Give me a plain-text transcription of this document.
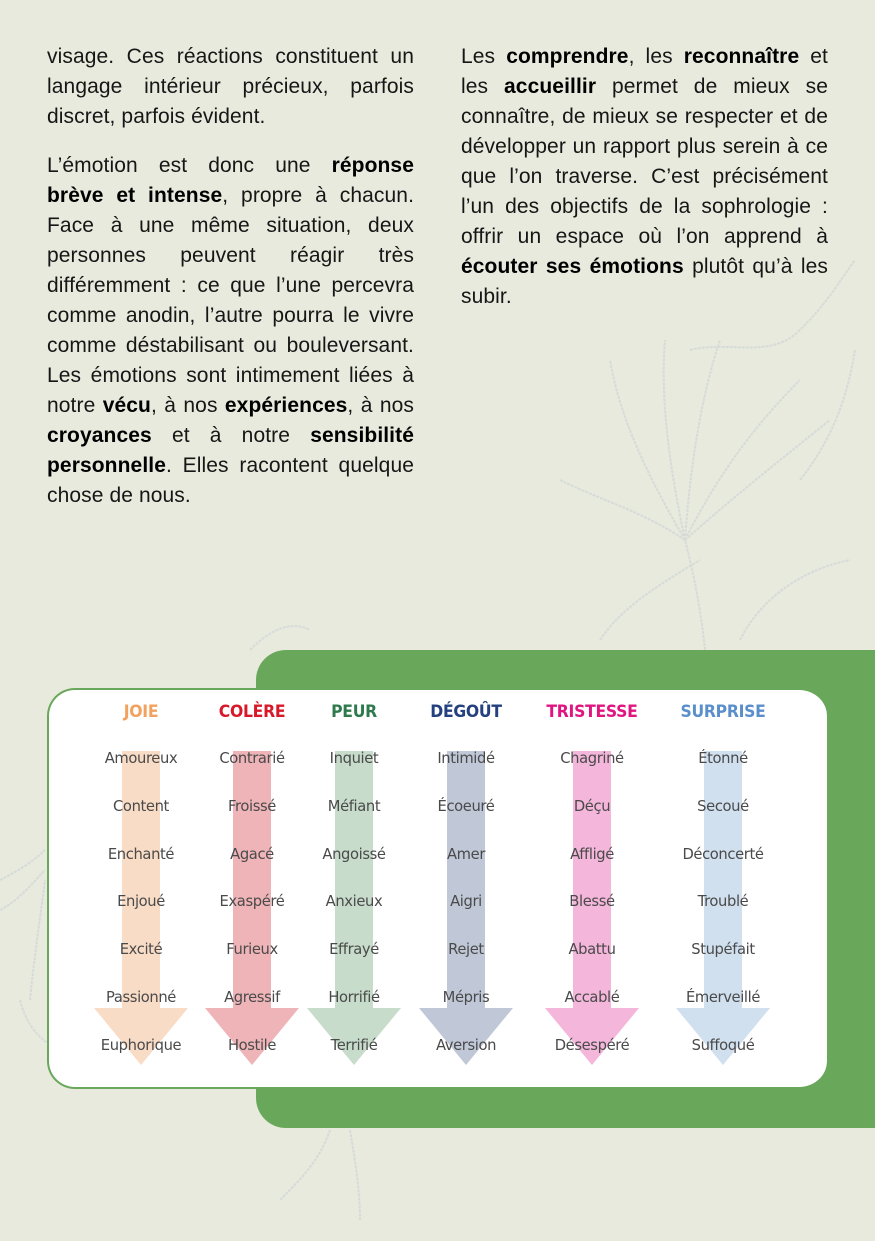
visage. Ces réactions constituent un langage intérieur précieux, parfois discret, parfois évident.

L’émotion est donc une réponse brève et intense, propre à chacun. Face à une même situation, deux personnes peuvent réagir très différemment : ce que l’une percevra comme anodin, l’autre pourra le vivre comme déstabilisant ou bouleversant. Les émotions sont intimement liées à notre vécu, à nos expériences, à nos croyances et à notre sensibilité personnelle. Elles racontent quelque chose de nous.

Les comprendre, les reconnaître et les accueillir permet de mieux se connaître, de mieux se respecter et de développer un rapport plus serein à ce que l’on traverse. C’est précisément l’un des objectifs de la sophrologie : offrir un espace où l’on apprend à écouter ses émotions plutôt qu’à les subir.

JOIE
Amoureux
Content
Enchanté
Enjoué
Excité
Passionné
Euphorique
COLÈRE
Contrarié
Froissé
Agacé
Exaspéré
Furieux
Agressif
Hostile
PEUR
Inquiet
Méfiant
Angoissé
Anxieux
Effrayé
Horrifié
Terrifié
DÉGOÛT
Intimidé
Écoeuré
Amer
Aigri
Rejet
Mépris
Aversion
TRISTESSE
Chagriné
Déçu
Affligé
Blessé
Abattu
Accablé
Désespéré
SURPRISE
Étonné
Secoué
Déconcerté
Troublé
Stupéfait
Émerveillé
Suffoqué
